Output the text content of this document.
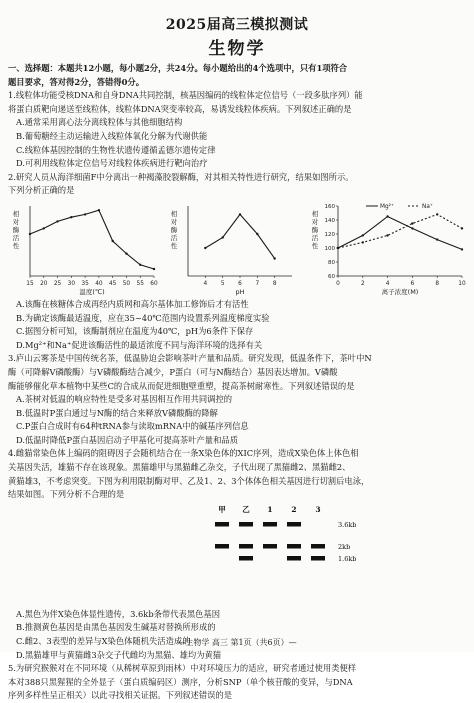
2025届高三模拟测试
生物学

一、选择题：本题共12小题，每小题2分，共24分。每小题给出的4个选项中，只有1项符合

题目要求，答对得2分，答错得0分。

1.线粒体功能受核DNA和自身DNA共同控制，核基因编码的线粒体定位信号（一段多肽序列）能

将蛋白质靶向递送至线粒体，线粒体DNA突变率较高，易诱发线粒体疾病。下列叙述正确的是

A.通常采用离心法分离线粒体与其他细胞结构

B.葡萄糖经主动运输进入线粒体氧化分解为代谢供能

C.线粒体基因控制的生物性状遗传遵循孟德尔遗传定律

D.可利用线粒体定位信号对线粒体疾病进行靶向治疗

2.研究人员从海洋细菌F中分离出一种褐藻胶裂解酶，对其相关特性进行研究，结果如图所示。

下列分析正确的是

相
对
酶
活
性
15 20 25 30 35 40 45 50 55 60
温度(℃)
相
对
酶
活
性
4 5 6 7 8
pH
相
对
酶
活
性
60
80
100
120
140
160
0	2	4	6	8	10
离子浓度(M)
Mg²⁺	Na⁺

A.该酶在核糖体合成再经内质网和高尔基体加工修饰后才有活性

B.为确定该酶最适温度，应在35~40℃范围内设置系列温度梯度实验

C.据图分析可知，该酶制剂应在温度为40℃，pH为6条件下保存

D.Mg²⁺和Na⁺促进该酶活性的最适浓度不同与海洋环境的选择有关

3.庐山云雾茶是中国传统名茶，低温胁迫会影响茶叶产量和品质。研究发现，低温条件下，茶叶中N

酶（可降解V磷酸酶）与V磷酸酶结合减少，P蛋白（可与N酶结合）基因表达增加。V磷酸

酶能够催化草本植物中某些C的合成从而促进细胞壁重塑，提高茶树耐寒性。下列叙述错误的是

A.茶树对低温的响应特性是受多对基因相互作用共同调控的

B.低温时P蛋白通过与N酶的结合来释放V磷酸酶的降解

C.P蛋白合成时有64种tRNA参与读取mRNA中的碱基序列信息

D.低温时降低P蛋白基因启动子甲基化可提高茶叶产量和品质

4.雌猫常染色体上编码的阻碍因子会随机结合在一条X染色体的XIC序列，造成X染色体上体色相

关基因失活，雄猫不存在该现象。黑猫雄甲与黑猫雌乙杂交，子代出现了黑猫雌2、黑猫雌2、

黄猫雄3，不考虑突变。下图为利用限制酶对甲、乙及1、2、3个体体色相关基因进行切割后电泳，

结果如图。下列分析不合理的是

甲 乙 1	2	3
3.6kb
2kb
1.6kb

A.黑色为伴X染色体显性遗传，3.6kb条带代表黑色基因

B.推测黄色基因是由黑色基因发生碱基对替换所形成的

C.雌2、3表型的差异与X染色体随机失活造成的

D.黑猫雄甲与黄猫雌3杂交子代雌均为黑猫、雄均为黄猫

5.为研究猴猴对在不同环境（从稀树草原到雨林）中对环境压力的适应，研究者通过使用类便样

本对388只黑猩猩的全外显子（蛋白质编码区）测序，分析SNP（单个核苷酸的变异，与DNA

序列多样性呈正相关）以此寻找相关证据。下列叙述错误的是

—生物学 高三 第1页（共6页）—
